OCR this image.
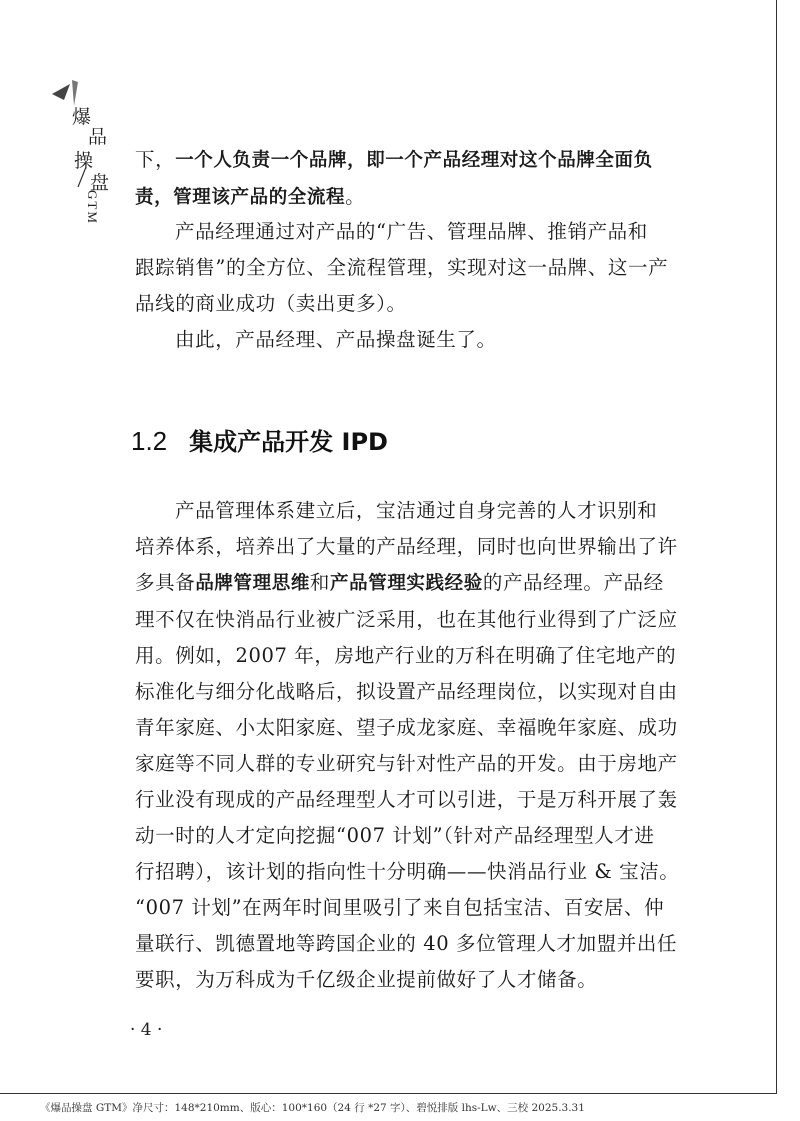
爆
品
操
盘
GTM
下，一个人负责一个品牌，即一个产品经理对这个品牌全面负
责，管理该产品的全流程。
产品经理通过对产品的“广告、管理品牌、推销产品和
跟踪销售”的全方位、全流程管理，实现对这一品牌、这一产
品线的商业成功（卖出更多）。
由此，产品经理、产品操盘诞生了。
1.2 集成产品开发 IPD
产品管理体系建立后，宝洁通过自身完善的人才识别和
培养体系，培养出了大量的产品经理，同时也向世界输出了许
多具备品牌管理思维和产品管理实践经验的产品经理。产品经
理不仅在快消品行业被广泛采用，也在其他行业得到了广泛应
用。例如，2007 年，房地产行业的万科在明确了住宅地产的
标准化与细分化战略后，拟设置产品经理岗位，以实现对自由
青年家庭、小太阳家庭、望子成龙家庭、幸福晚年家庭、成功
家庭等不同人群的专业研究与针对性产品的开发。由于房地产
行业没有现成的产品经理型人才可以引进，于是万科开展了轰
动一时的人才定向挖掘“007 计划”（针对产品经理型人才进
行招聘），该计划的指向性十分明确——快消品行业 & 宝洁。
“007 计划”在两年时间里吸引了来自包括宝洁、百安居、仲
量联行、凯德置地等跨国企业的 40 多位管理人才加盟并出任
要职，为万科成为千亿级企业提前做好了人才储备。
· 4 ·
《爆品操盘 GTM》净尺寸：148*210mm、版心：100*160（24 行 *27 字）、碧悦排版 lhs-Lw、三校 2025.3.31
